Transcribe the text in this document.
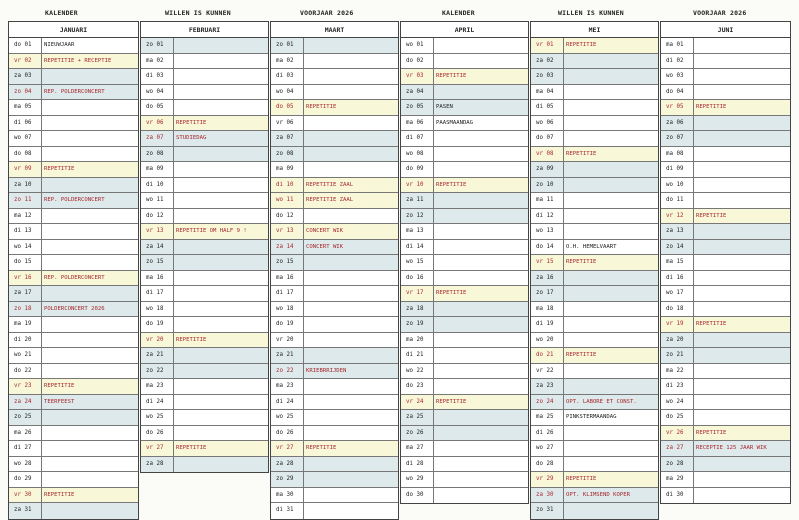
KALENDER	WILLEN IS KUNNEN	VOORJAAR 2026	KALENDER	WILLEN IS KUNNEN	VOORJAAR 2026
JANUARI
do 01	NIEUWJAAR
vr 02	REPETITIE + RECEPTIE
za 03
zo 04	REP. POLDERCONCERT
ma 05
di 06
wo 07
do 08
vr 09	REPETITIE
za 10
zo 11	REP. POLDERCONCERT
ma 12
di 13
wo 14
do 15
vr 16	REP. POLDERCONCERT
za 17
zo 18	POLDERCONCERT 2026
ma 19
di 20
wo 21
do 22
vr 23	REPETITIE
za 24	TEERFEEST
zo 25
ma 26
di 27
wo 28
do 29
vr 30	REPETITIE
za 31
FEBRUARI
zo 01
ma 02
di 03
wo 04
do 05
vr 06	REPETITIE
za 07	STUDIEDAG
zo 08
ma 09
di 10
wo 11
do 12
vr 13	REPETITIE OM HALF 9 !
za 14
zo 15
ma 16
di 17
wo 18
do 19
vr 20	REPETITIE
za 21
zo 22
ma 23
di 24
wo 25
do 26
vr 27	REPETITIE
za 28
MAART
zo 01
ma 02
di 03
wo 04
do 05	REPETITIE
vr 06
za 07
zo 08
ma 09
di 10	REPETITIE ZAAL
wo 11	REPETITIE ZAAL
do 12
vr 13	CONCERT WIK
za 14	CONCERT WIK
zo 15
ma 16
di 17
wo 18
do 19
vr 20
za 21
zo 22	KRIEBRRIJDEN
ma 23
di 24
wo 25
do 26
vr 27	REPETITIE
za 28
zo 29
ma 30
di 31
APRIL
wo 01
do 02
vr 03	REPETITIE
za 04
zo 05	PASEN
ma 06	PAASMAANDAG
di 07
wo 08
do 09
vr 10	REPETITIE
za 11
zo 12
ma 13
di 14
wo 15
do 16
vr 17	REPETITIE
za 18
zo 19
ma 20
di 21
wo 22
do 23
vr 24	REPETITIE
za 25
zo 26
ma 27
di 28
wo 29
do 30
MEI
vr 01	REPETITIE
za 02
zo 03
ma 04
di 05
wo 06
do 07
vr 08	REPETITIE
za 09
zo 10
ma 11
di 12
wo 13
do 14	O.H. HEMELVAART
vr 15	REPETITIE
za 16
zo 17
ma 18
di 19
wo 20
do 21	REPETITIE
vr 22
za 23
zo 24	OPT. LABORE ET CONST.
ma 25	PINKSTERMAANDAG
di 26
wo 27
do 28
vr 29	REPETITIE
za 30	OPT. KLIMSEND KOPER
zo 31
JUNI
ma 01
di 02
wo 03
do 04
vr 05	REPETITIE
za 06
zo 07
ma 08
di 09
wo 10
do 11
vr 12	REPETITIE
za 13
zo 14
ma 15
di 16
wo 17
do 18
vr 19	REPETITIE
za 20
zo 21
ma 22
di 23
wo 24
do 25
vr 26	REPETITIE
za 27	RECEPTIE 125 JAAR WIK
zo 28
ma 29
di 30
